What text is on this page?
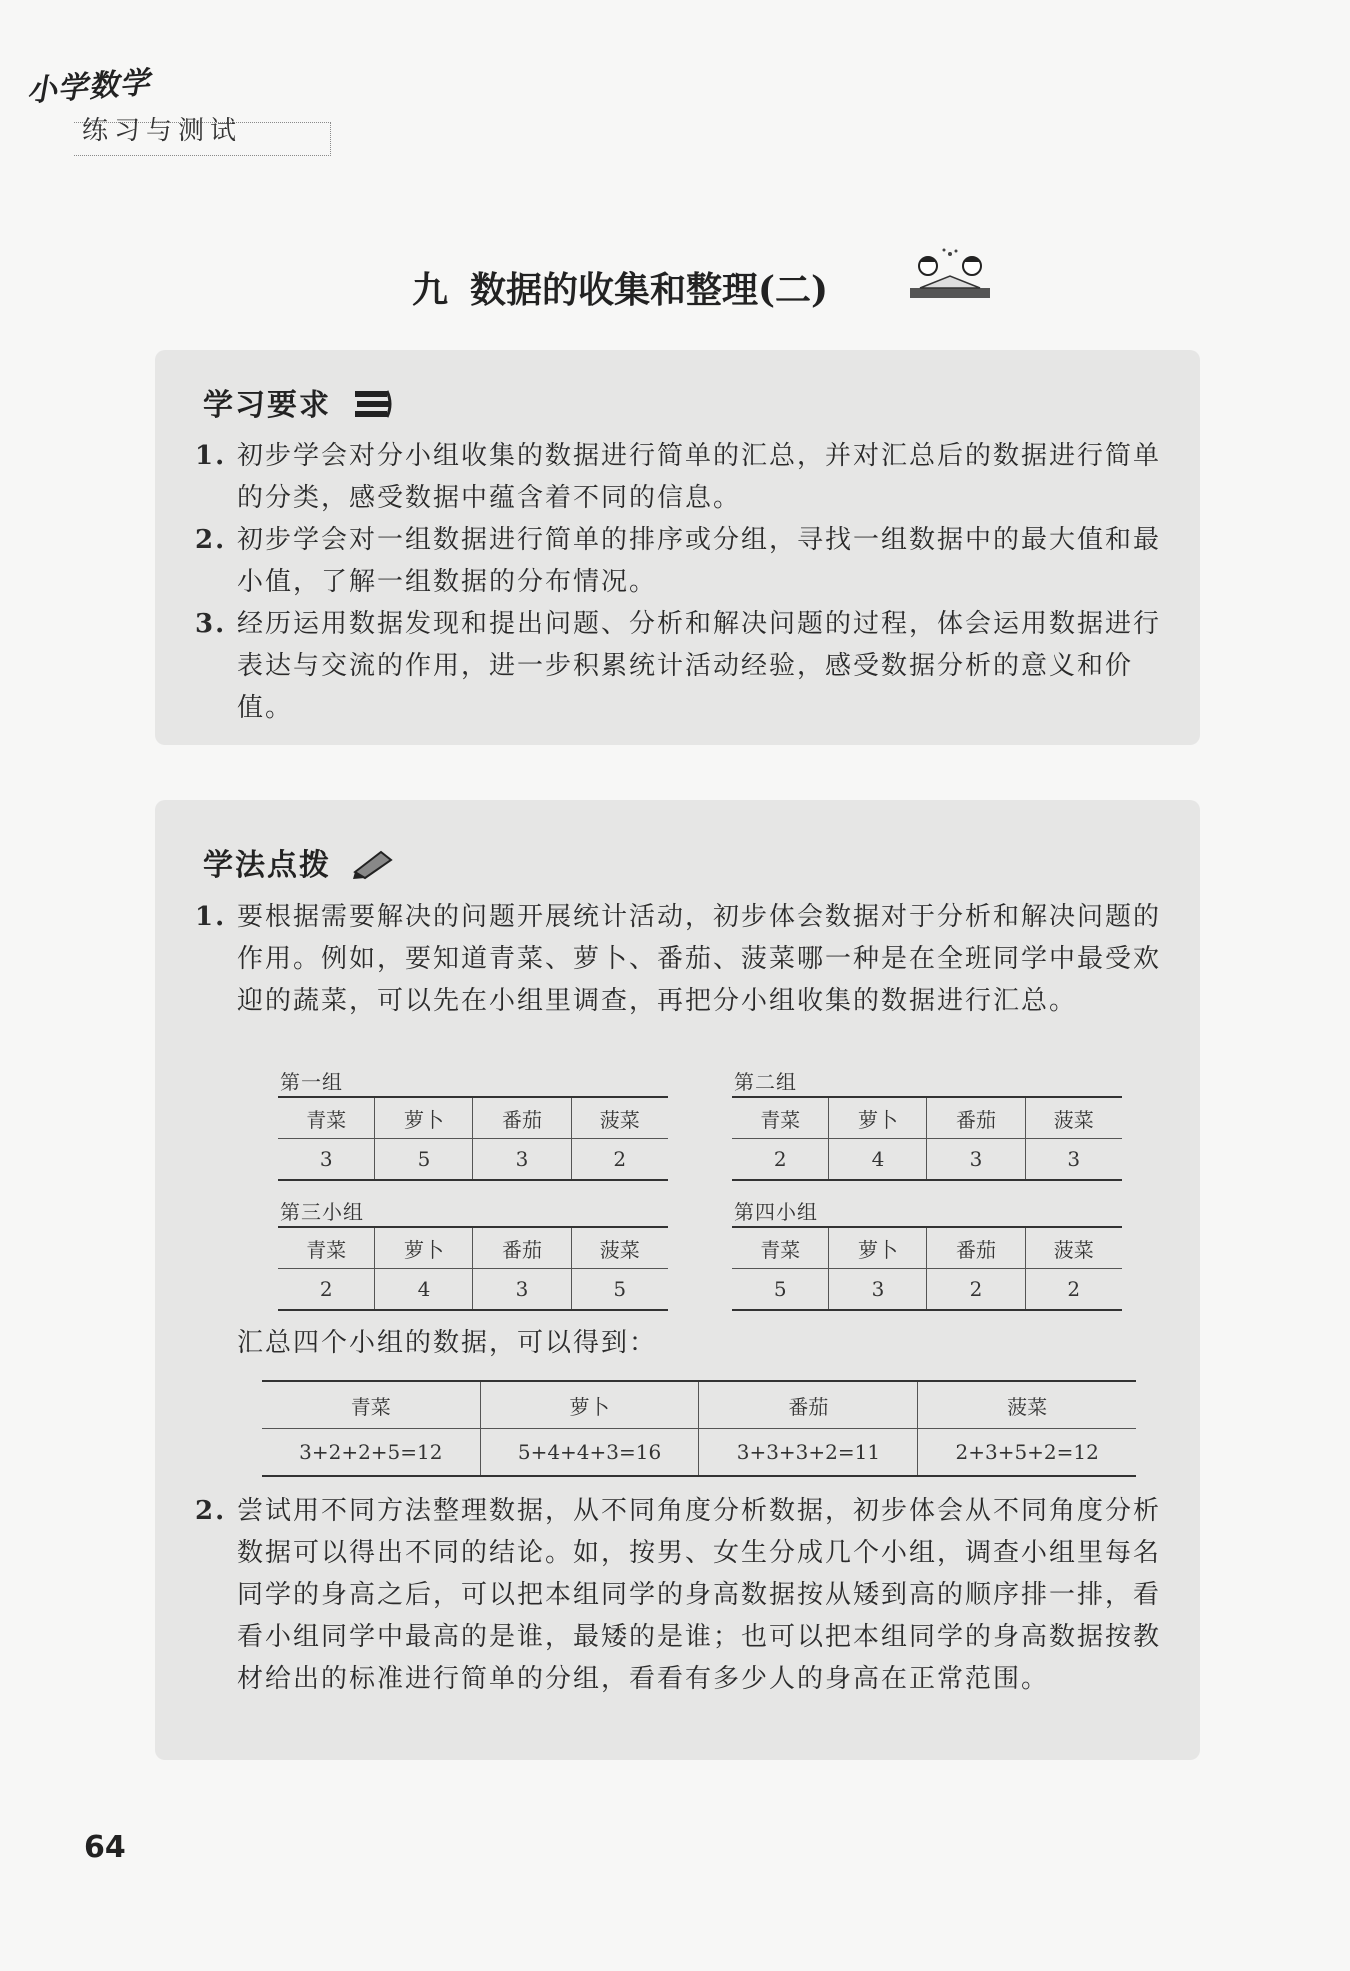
小学数学
练习与测试
九 数据的收集和整理(二)
学习要求
1. 初步学会对分小组收集的数据进行简单的汇总，并对汇总后的数据进行简单的分类，感受数据中蕴含着不同的信息。
2. 初步学会对一组数据进行简单的排序或分组，寻找一组数据中的最大值和最小值，了解一组数据的分布情况。
3. 经历运用数据发现和提出问题、分析和解决问题的过程，体会运用数据进行表达与交流的作用，进一步积累统计活动经验，感受数据分析的意义和价值。
学法点拨
1. 要根据需要解决的问题开展统计活动，初步体会数据对于分析和解决问题的作用。例如，要知道青菜、萝卜、番茄、菠菜哪一种是在全班同学中最受欢迎的蔬菜，可以先在小组里调查，再把分小组收集的数据进行汇总。
第一组
青菜	萝卜	番茄	菠菜
3	5	3	2
第二组
青菜	萝卜	番茄	菠菜
2	4	3	3
第三小组
青菜	萝卜	番茄	菠菜
2	4	3	5
第四小组
青菜	萝卜	番茄	菠菜
5	3	2	2
汇总四个小组的数据，可以得到：
青菜	萝卜	番茄	菠菜
3+2+2+5=12	5+4+4+3=16	3+3+3+2=11	2+3+5+2=12
2. 尝试用不同方法整理数据，从不同角度分析数据，初步体会从不同角度分析数据可以得出不同的结论。如，按男、女生分成几个小组，调查小组里每名同学的身高之后，可以把本组同学的身高数据按从矮到高的顺序排一排，看看小组同学中最高的是谁，最矮的是谁；也可以把本组同学的身高数据按教材给出的标准进行简单的分组，看看有多少人的身高在正常范围。
64
